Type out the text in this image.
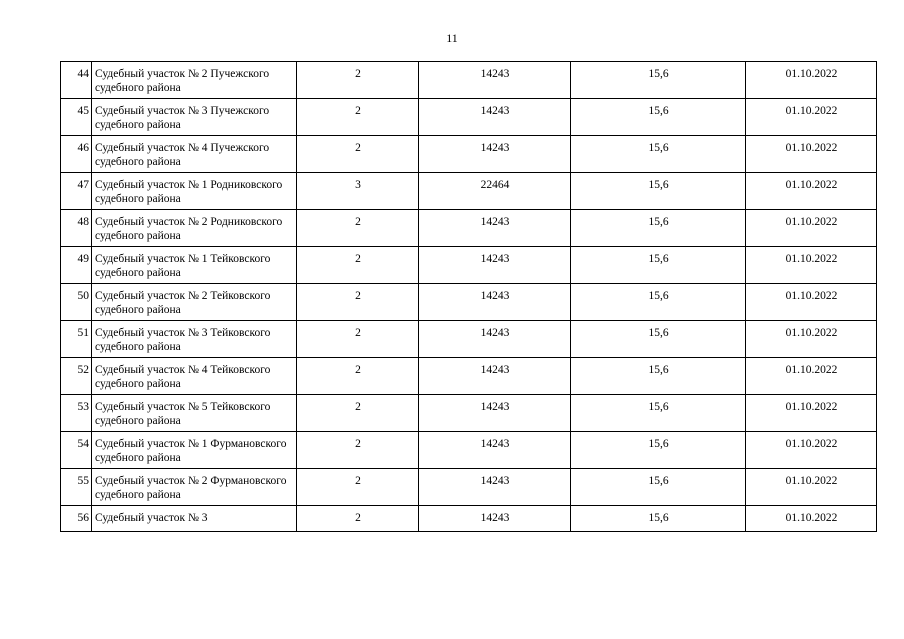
11
44	Судебный участок № 2 Пучежского судебного района	2	14243	15,6	01.10.2022
45	Судебный участок № 3 Пучежского судебного района	2	14243	15,6	01.10.2022
46	Судебный участок № 4 Пучежского судебного района	2	14243	15,6	01.10.2022
47	Судебный участок № 1 Родниковского судебного района	3	22464	15,6	01.10.2022
48	Судебный участок № 2 Родниковского судебного района	2	14243	15,6	01.10.2022
49	Судебный участок № 1 Тейковского судебного района	2	14243	15,6	01.10.2022
50	Судебный участок № 2 Тейковского судебного района	2	14243	15,6	01.10.2022
51	Судебный участок № 3 Тейковского судебного района	2	14243	15,6	01.10.2022
52	Судебный участок № 4 Тейковского судебного района	2	14243	15,6	01.10.2022
53	Судебный участок № 5 Тейковского судебного района	2	14243	15,6	01.10.2022
54	Судебный участок № 1 Фурмановского судебного района	2	14243	15,6	01.10.2022
55	Судебный участок № 2 Фурмановского судебного района	2	14243	15,6	01.10.2022
56	Судебный участок № 3	2	14243	15,6	01.10.2022
